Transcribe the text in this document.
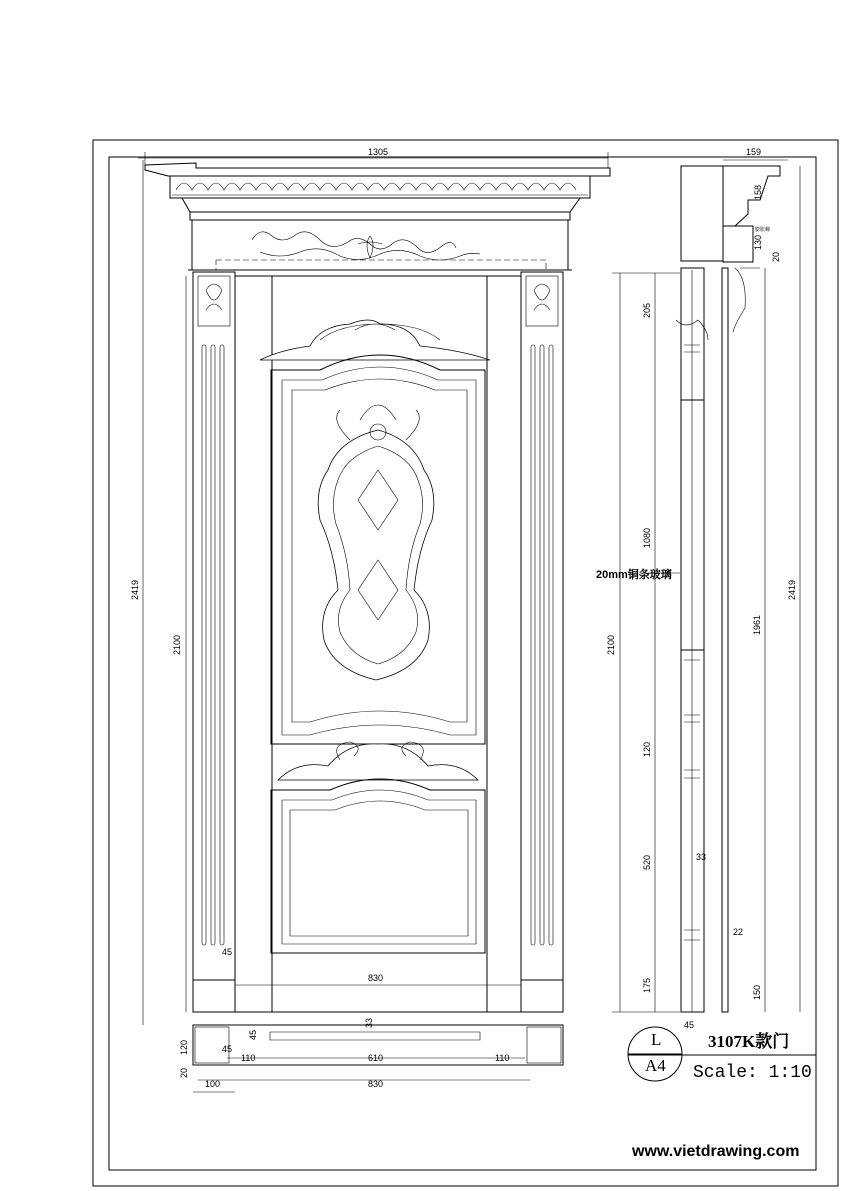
1305
2419
2100
45
830
33
45
120	45
110	610	110
20
100	830
2100
205
1080
120
520
175
33
45
159
158
130
20
1961
2419
22
150
20mm铜条玻璃
膨胀螺
L
A4
3107K款门
Scale: 1:10
www.vietdrawing.com
